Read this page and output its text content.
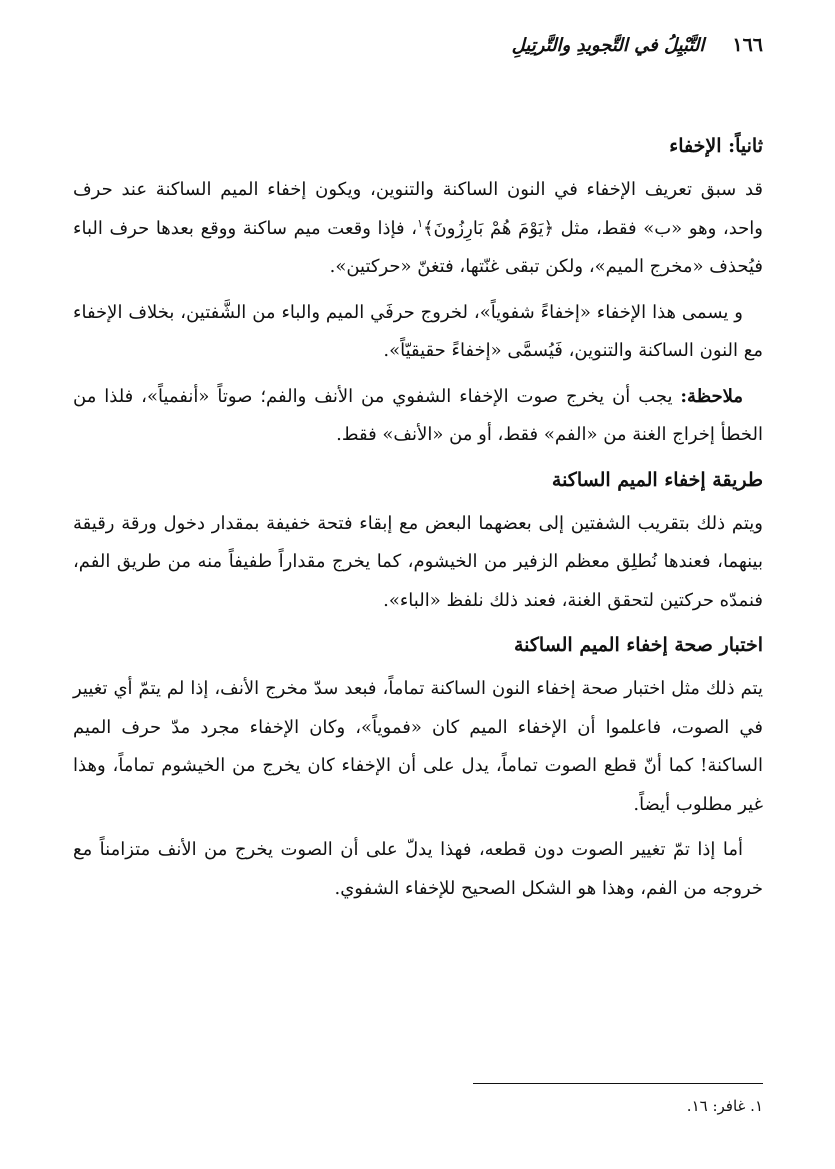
١٦٦
التَّبْيِلُ في التَّجويدِ والتَّرتِيلِ
ثانياً: الإخفاء

قد سبق تعريف الإخفاء في النون الساكنة والتنوين، ويكون إخفاء الميم الساكنة عند حرف واحد، وهو «ب» فقط، مثل ﴿يَوْمَ هُمْ بَارِزُونَ﴾$^١$، فإذا وقعت ميم ساكنة ووقع بعدها حرف الباء فيُحذف «مخرج الميم»، ولكن تبقى غنّتها، فتغنّ «حركتين».

و يسمى هذا الإخفاء «إخفاءً شفوياً»، لخروج حرفَي الميم والباء من الشَّفتين، بخلاف الإخفاء مع النون الساكنة والتنوين، فَيُسمَّى «إخفاءً حقيقيّاً».

ملاحظة: يجب أن يخرج صوت الإخفاء الشفوي من الأنف والفم؛ صوتاً «أنفمياً»، فلذا من الخطأ إخراج الغنة من «الفم» فقط، أو من «الأنف» فقط.

طريقة إخفاء الميم الساكنة

ويتم ذلك بتقريب الشفتين إلى بعضهما البعض مع إبقاء فتحة خفيفة بمقدار دخول ورقة رقيقة بينهما، فعندها نُطلِق معظم الزفير من الخيشوم، كما يخرج مقداراً طفيفاً منه من طريق الفم، فنمدّه حركتين لتحقق الغنة، فعند ذلك نلفظ «الباء».

اختبار صحة إخفاء الميم الساكنة

يتم ذلك مثل اختبار صحة إخفاء النون الساكنة تماماً، فبعد سدّ مخرج الأنف، إذا لم يتمّ أي تغيير في الصوت، فاعلموا أن الإخفاء الميم كان «فموياً»، وكان الإخفاء مجرد مدّ حرف الميم الساكنة! كما أنّ قطع الصوت تماماً، يدل على أن الإخفاء كان يخرج من الخيشوم تماماً، وهذا غير مطلوب أيضاً.

أما إذا تمّ تغيير الصوت دون قطعه، فهذا يدلّ على أن الصوت يخرج من الأنف متزامناً مع خروجه من الفم، وهذا هو الشكل الصحيح للإخفاء الشفوي.

١. غافر: ١٦.
